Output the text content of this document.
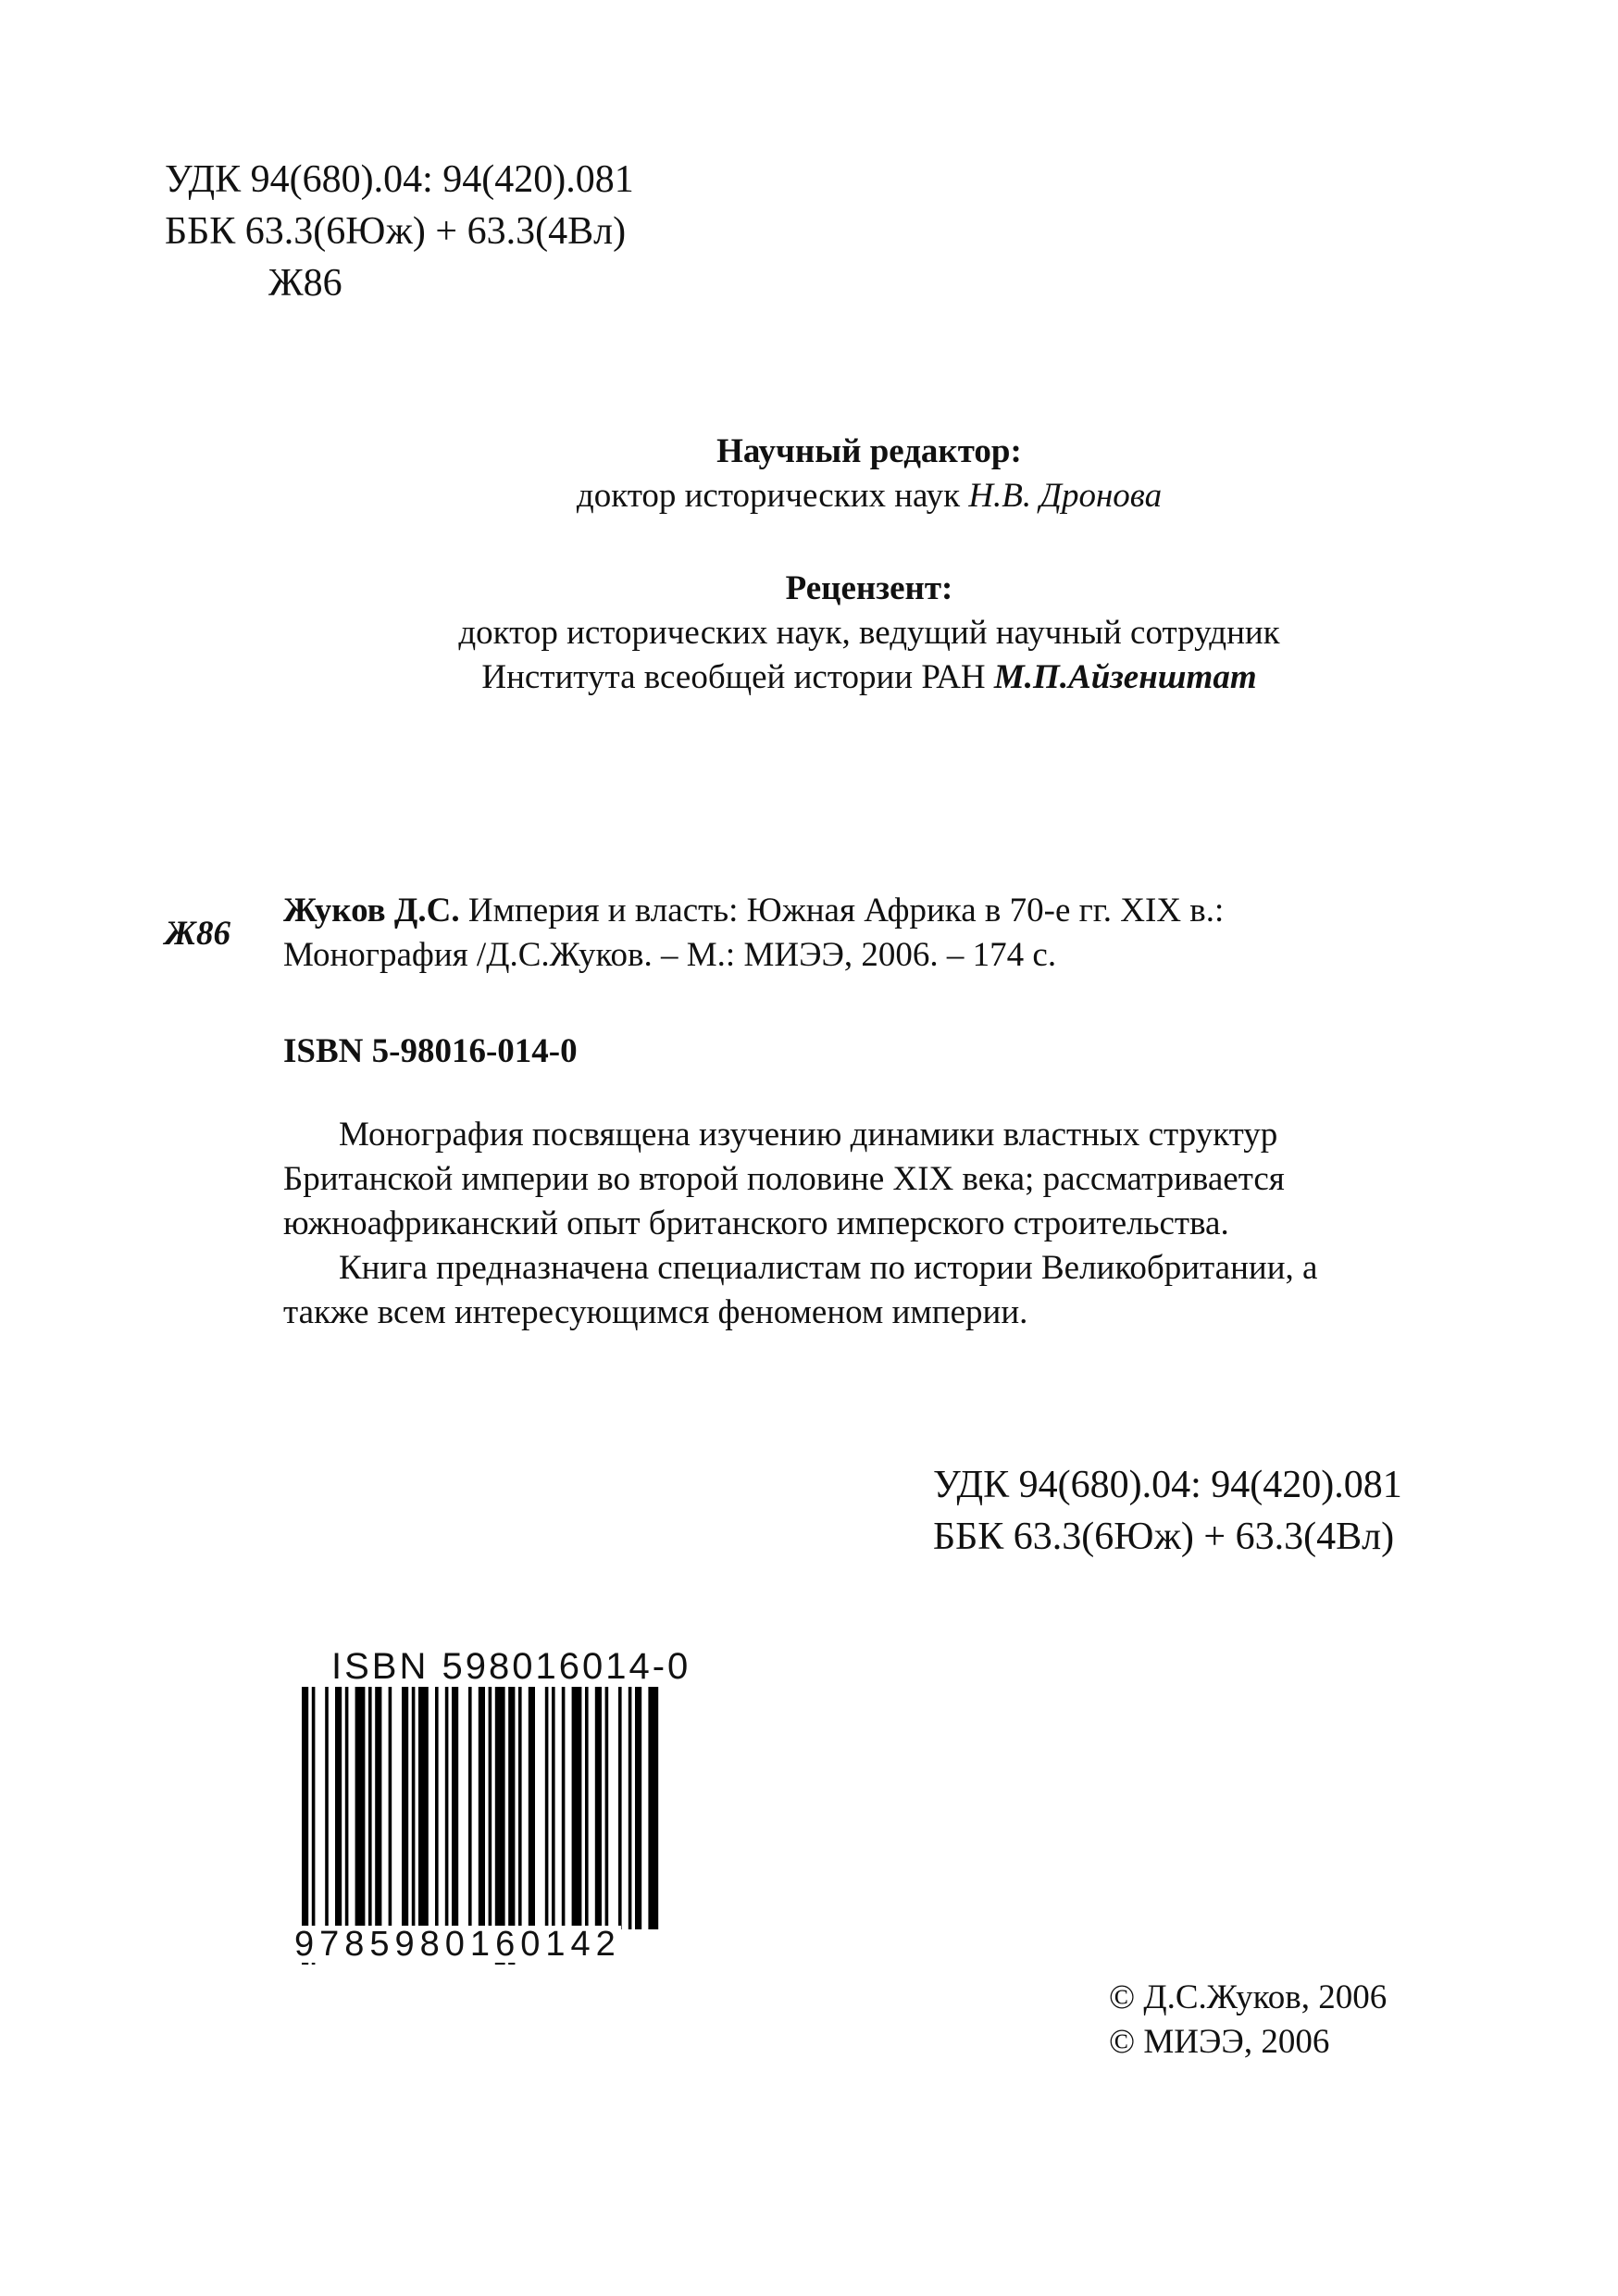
УДК 94(680).04: 94(420).081
ББК 63.3(6Юж) + 63.3(4Вл)
Ж86
Научный редактор:
доктор исторических наук Н.В. Дронова
Рецензент:
доктор исторических наук, ведущий научный сотрудник
Института всеобщей истории РАН М.П.Айзенштат
Ж86
Жуков Д.С. Империя и власть: Южная Африка в 70-е гг. XIX в.:
Монография /Д.С.Жуков. – М.: МИЭЭ, 2006. – 174 с.
ISBN 5-98016-014-0

Монография посвящена изучению динамики властных структур

Британской империи во второй половине XIX века; рассматривается

южноафриканский опыт британского имперского строительства.

Книга предназначена специалистам по истории Великобритании, а

также всем интересующимся феноменом империи.

УДК 94(680).04: 94(420).081
ББК 63.3(6Юж) + 63.3(4Вл)
ISBN 598016014-0
9785980160142
© Д.С.Жуков, 2006
© МИЭЭ, 2006
